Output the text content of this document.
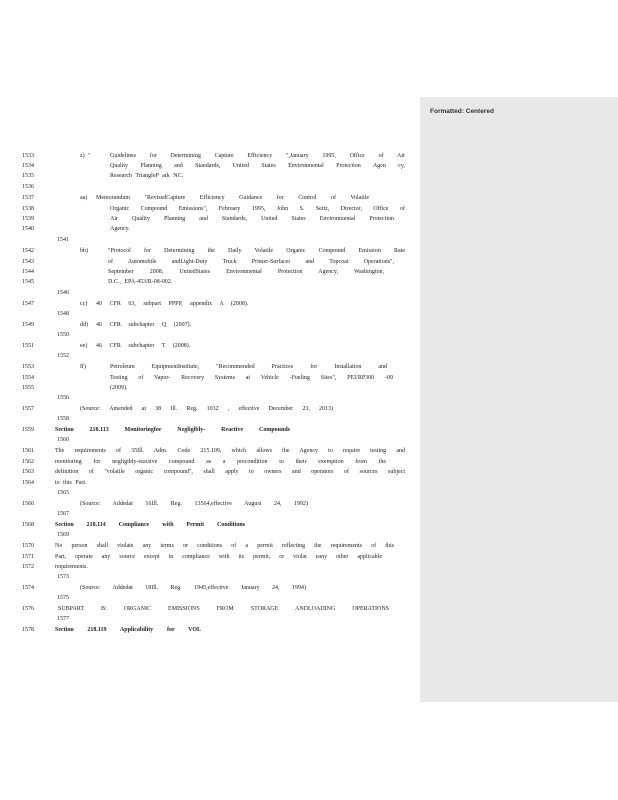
Formatted: Centered
1533
1534
1535
1536
1537
1538
1539
1540
1541
1542
1543
1544
1545
1546
1547
1548
1549
1550
1551
1552
1553
1554
1555
1556
1557
1558
1559
1560
1561
1562
1563
1564
1565
1566
1567
1568
1569
1570
1571
1572
1573
1574
1575
1576
1577
1578
z) "	Guidelines for Determining Capture Efficiency ",January 1995, Office of Air
Quality Planning and Standards, United States Environmental Protection Agen cy,
Research TriangleP ark NC.
aa) Memorandum "RevisedCapture Efficiency Guidance for Control of Volatile
Organic Compound Emissions", February 1995, John S. Seitz, Director, Office of
Air Quality Planning and Standards, United States Environmental Protection
Agency.
bb)	"Protocol for Determining the Daily Volatile Organic Compound Emission Rate
of Automobile andLight-Duty Truck Primer-Surfacer and Topcoat Operations",
September 2008, UnitedStates Environmental Protection Agency, Washington,
D.C., EPA-453/R-08-002.
cc) 40 CFR 63, subpart PPPP, appendix A (2008).
dd) 46 CFR subchapter Q (2007).
ee) 46 CFR subchapter T (2008).
ff)	Petroleum EquipmentInstitute, "Recommended Practices for Installation and
Testing of Vapor- Recovery Systems at Vehicle -Fueling Sites", PEI/RP300 -09
(2009).
(Source: Amended at 38 Ill. Reg. 1032 , effective December 23, 2013)
Section 218.113 Monitoringfor Negligibly- Reactive Compounds
The requirements of 35Ill. Adm. Code 215.109, which allows the Agency to require testing and
monitoring for negligibly-reactive compound as a precondition to their exemption from the
definition of "volatile organic compound", shall apply to owners and operators of sources subject
to this Part.
(Source: Addedat 16Ill. Reg. 13564,effective August 24, 1992)
Section 218.114 Compliance with Permit Conditions
No person shall violate any terms or conditions of a permit reflecting the requirements of this
Part, operate any source except in compliance with its permit, or violat eany other applicable
requirements.
(Source: Addedat 18Ill. Reg. 1945,effective January 24, 1994)
SUBPART B: ORGANIC EMISSIONS FROM STORAGE ANDLOADING OPERATIONS
Section 218.119 Applicability for VOL
